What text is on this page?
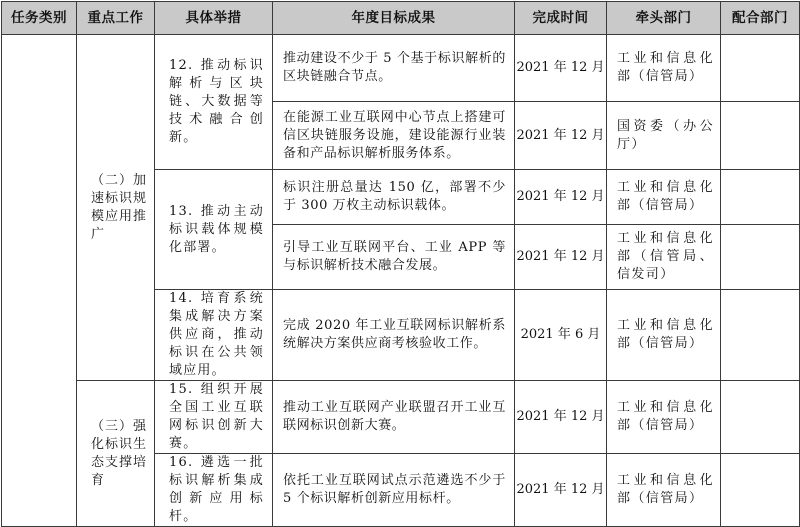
任务类别	重点工作	具体举措	年度目标成果	完成时间	牵头部门	配合部门
	（二）加速标识规模应用推广	12. 推动标识解析与区块链、大数据等技术融合创新。	推动建设不少于 5 个基于标识解析的区块链融合节点。	2021 年 12 月	工业和信息化部（信管局）	
			在能源工业互联网中心节点上搭建可信区块链服务设施，建设能源行业装备和产品标识解析服务体系。	2021 年 12 月	国资委（办公厅）	
		13. 推动主动标识载体规模化部署。	标识注册总量达 150 亿，部署不少于 300 万枚主动标识载体。	2021 年 12 月	工业和信息化部（信管局）	
			引导工业互联网平台、工业 APP 等与标识解析技术融合发展。	2021 年 12 月	工业和信息化部（信管局、信发司）	
		14. 培育系统集成解决方案供应商，推动标识在公共领域应用。	完成 2020 年工业互联网标识解析系统解决方案供应商考核验收工作。	2021 年 6 月	工业和信息化部（信管局）	
	（三）强化标识生态支撑培育	15. 组织开展全国工业互联网标识创新大赛。	推动工业互联网产业联盟召开工业互联网标识创新大赛。	2021 年 12 月	工业和信息化部（信管局）	
		16. 遴选一批标识解析集成创新应用标杆。	依托工业互联网试点示范遴选不少于 5 个标识解析创新应用标杆。	2021 年 12 月	工业和信息化部（信管局）	
